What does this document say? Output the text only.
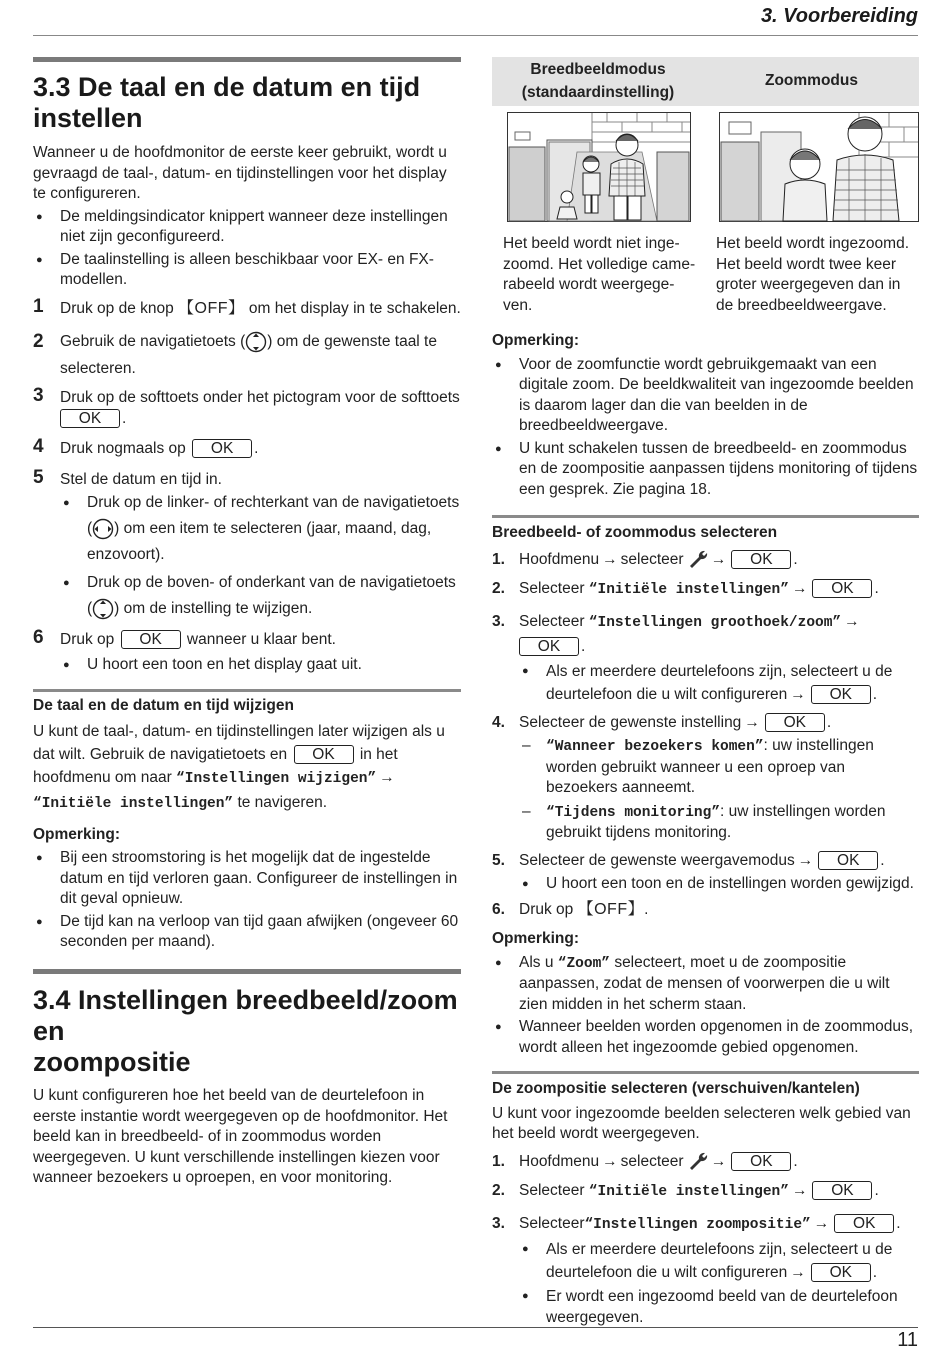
3. Voorbereiding
11
3.3 De taal en de datum en tijd
instellen
Wanneer u de hoofdmonitor de eerste keer gebruikt, wordt u gevraagd de taal-, datum- en tijdinstellingen voor het display te configureren.
● De meldingsindicator knippert wanneer deze instellingen niet zijn geconfigureerd.
● De taalinstelling is alleen beschikbaar voor EX- en FX-modellen.
1 Druk op de knop 【OFF】 om het display in te schakelen.
2 Gebruik de navigatietoets ( ) om de gewenste taal te selecteren.
3 Druk op de softtoets onder het pictogram voor de softtoets
OK .
4 Druk nogmaals op OK .
5 Stel de datum en tijd in.
● Druk op de linker- of rechterkant van de navigatietoets
( ) om een item te selecteren (jaar, maand, dag, enzovoort).
● Druk op de boven- of onderkant van de navigatietoets
( ) om de instelling te wijzigen.
6 Druk op OK wanneer u klaar bent.
● U hoort een toon en het display gaat uit.
De taal en de datum en tijd wijzigen
U kunt de taal-, datum- en tijdinstellingen later wijzigen als u dat wilt. Gebruik de navigatietoets en OK in het hoofdmenu om naar “Instellingen wijzigen” →
“Initiële instellingen” te navigeren.
Opmerking:
● Bij een stroomstoring is het mogelijk dat de ingestelde datum en tijd verloren gaan. Configureer de instellingen in dit geval opnieuw.
● De tijd kan na verloop van tijd gaan afwijken (ongeveer 60 seconden per maand).
3.4 Instellingen breedbeeld/zoom en
zoompositie
U kunt configureren hoe het beeld van de deurtelefoon in eerste instantie wordt weergegeven op de hoofdmonitor. Het beeld kan in breedbeeld- of in zoommodus worden weergegeven. U kunt verschillende instellingen kiezen voor wanneer bezoekers u oproepen, en voor monitoring.
Breedbeeldmodus
(standaardinstelling)
Zoommodus
Het beeld wordt niet inge-zoomd. Het volledige came-rabeeld wordt weergege-ven.
Het beeld wordt ingezoomd. Het beeld wordt twee keer groter weergegeven dan in de breedbeeldweergave.
Opmerking:
● Voor de zoomfunctie wordt gebruikgemaakt van een digitale zoom. De beeldkwaliteit van ingezoomde beelden is daarom lager dan die van beelden in de breedbeeldweergave.
● U kunt schakelen tussen de breedbeeld- en zoommodus en de zoompositie aanpassen tijdens monitoring of tijdens een gesprek. Zie pagina 18.
Breedbeeld- of zoommodus selecteren
1. Hoofdmenu → selecteer → OK .
2. Selecteer “Initiële instellingen” → OK .
3. Selecteer “Instellingen groothoek/zoom” →
OK .
● Als er meerdere deurtelefoons zijn, selecteert u de
deurtelefoon die u wilt configureren → OK .
4. Selecteer de gewenste instelling → OK .
– “Wanneer bezoekers komen”: uw instellingen worden gebruikt wanneer u een oproep van bezoekers aanneemt.
– “Tijdens monitoring”: uw instellingen worden gebruikt tijdens monitoring.
5. Selecteer de gewenste weergavemodus → OK .
● U hoort een toon en de instellingen worden gewijzigd.
6. Druk op 【OFF】.
Opmerking:
● Als u “Zoom” selecteert, moet u de zoompositie aanpassen, zodat de mensen of voorwerpen die u wilt zien midden in het scherm staan.
● Wanneer beelden worden opgenomen in de zoommodus, wordt alleen het ingezoomde gebied opgenomen.
De zoompositie selecteren (verschuiven/kantelen)
U kunt voor ingezoomde beelden selecteren welk gebied van het beeld wordt weergegeven.
1. Hoofdmenu → selecteer → OK .
2. Selecteer “Initiële instellingen” → OK .
3. Selecteer“Instellingen zoompositie” → OK .
● Als er meerdere deurtelefoons zijn, selecteert u de
deurtelefoon die u wilt configureren → OK .
● Er wordt een ingezoomd beeld van de deurtelefoon weergegeven.
